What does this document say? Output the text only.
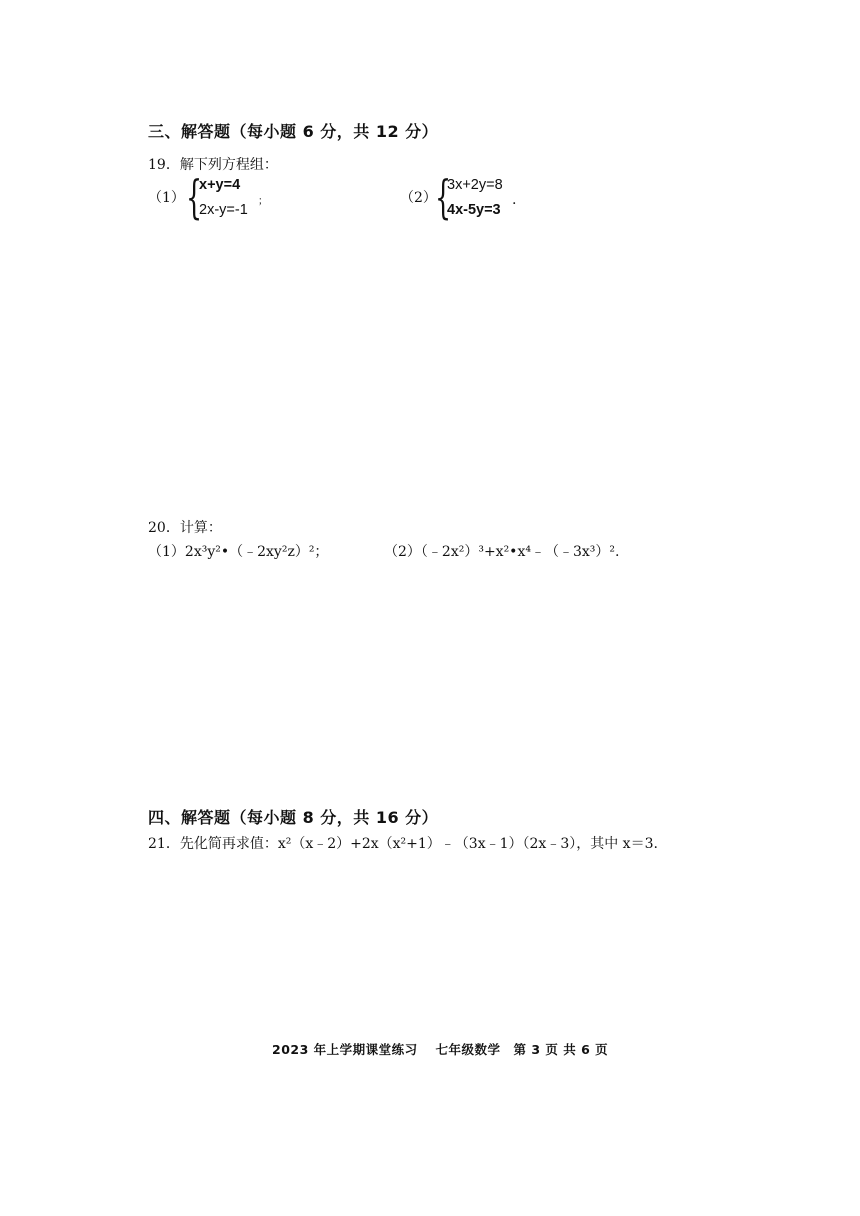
三、解答题（每小题 6 分，共 12 分）
19．解下列方程组：
（1） {
x+y=4
2x-y=-1
；	（2）
{
3x+2y=8
4x-5y=3
.
20．计算：
（1）2x³y²•（﹣2xy²z）²；	（2）（﹣2x²）³+x²•x⁴﹣（﹣3x³）².
四、解答题（每小题 8 分，共 16 分）
21．先化简再求值：x²（x﹣2）+2x（x²+1）﹣（3x﹣1）（2x﹣3），其中 x＝3.
2023 年上学期课堂练习　 七年级数学　第 3 页 共 6 页
